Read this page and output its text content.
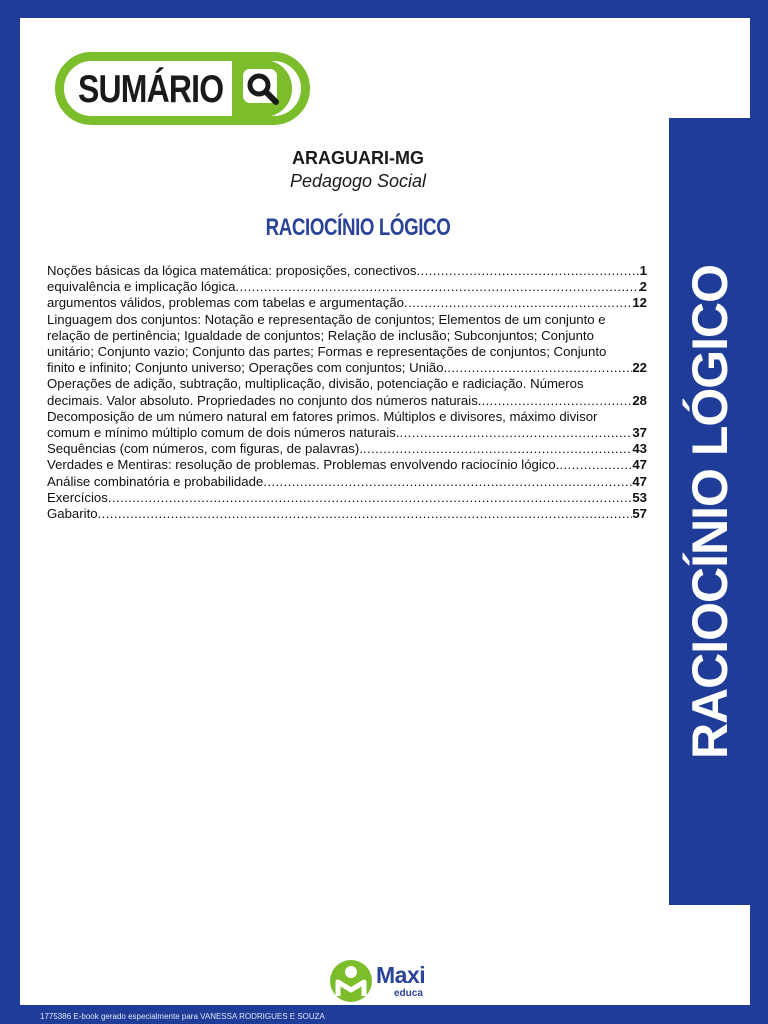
RACIOCÍNIO LÓGICO
SUMÁRIO
ARAGUARI-MG
Pedagogo Social
RACIOCÍNIO LÓGICO
Noções básicas da lógica matemática: proposições, conectivos .....	1
equivalência e implicação lógica .....	2
argumentos válidos, problemas com tabelas e argumentação .....	12
Linguagem dos conjuntos: Notação e representação de conjuntos; Elementos de um conjunto e
relação de pertinência; Igualdade de conjuntos; Relação de inclusão; Subconjuntos; Conjunto
unitário; Conjunto vazio; Conjunto das partes; Formas e representações de conjuntos; Conjunto
finito e infinito; Conjunto universo; Operações com conjuntos; União. .....	22
Operações de adição, subtração, multiplicação, divisão, potenciação e radiciação. Números
decimais. Valor absoluto. Propriedades no conjunto dos números naturais. .....	28
Decomposição de um número natural em fatores primos. Múltiplos e divisores, máximo divisor
comum e mínimo múltiplo comum de dois números naturais. .....	37
Sequências (com números, com figuras, de palavras). .....	43
Verdades e Mentiras: resolução de problemas. Problemas envolvendo raciocínio lógico. .....	47
Análise combinatória e probabilidade .....	47
Exercícios .....	53
Gabarito .....	57
Maxi
educa
1775386 E-book gerado especialmente para VANESSA RODRIGUES E SOUZA
